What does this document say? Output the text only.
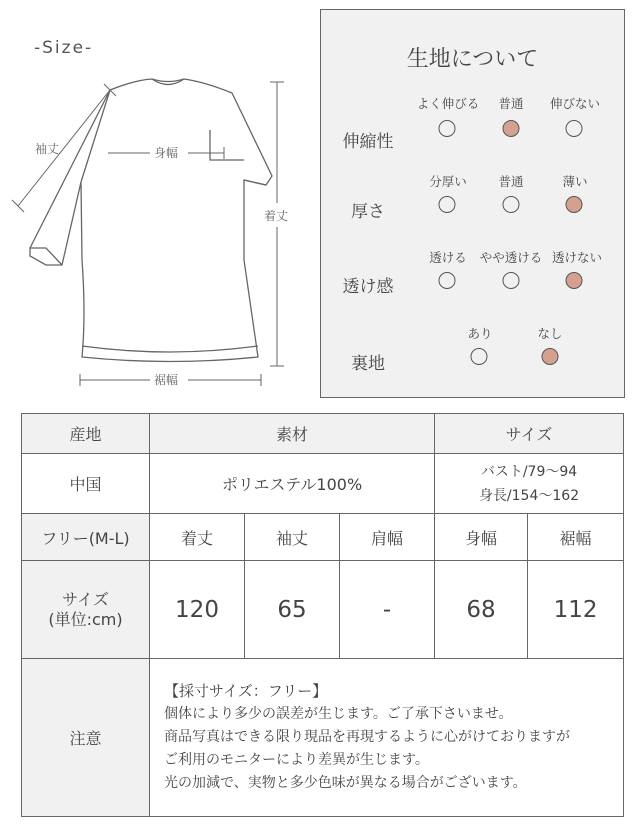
-Size-
袖丈	身幅
着丈
裾幅
生地について
伸縮性
よく伸びる 普通 伸びない
厚さ
分厚い	普通	薄い
透け感
透ける やや透ける 透けない
裏地
あり	なし
産地	素材			サイズ	
中国	ポリエステル100%			バスト/79～94
身長/154～162	

フリー(M-L)	着丈	袖丈	肩幅	身幅	裾幅

サイズ
(単位:cm)	120	65	-	68	112
注意	【採寸サイズ：フリー】
個体により多少の誤差が生じます。ご了承下さいませ。
商品写真はできる限り現品を再現するように心がけておりますが
ご利用のモニターにより差異が生じます。
光の加減で、実物と多少色味が異なる場合がございます。				
